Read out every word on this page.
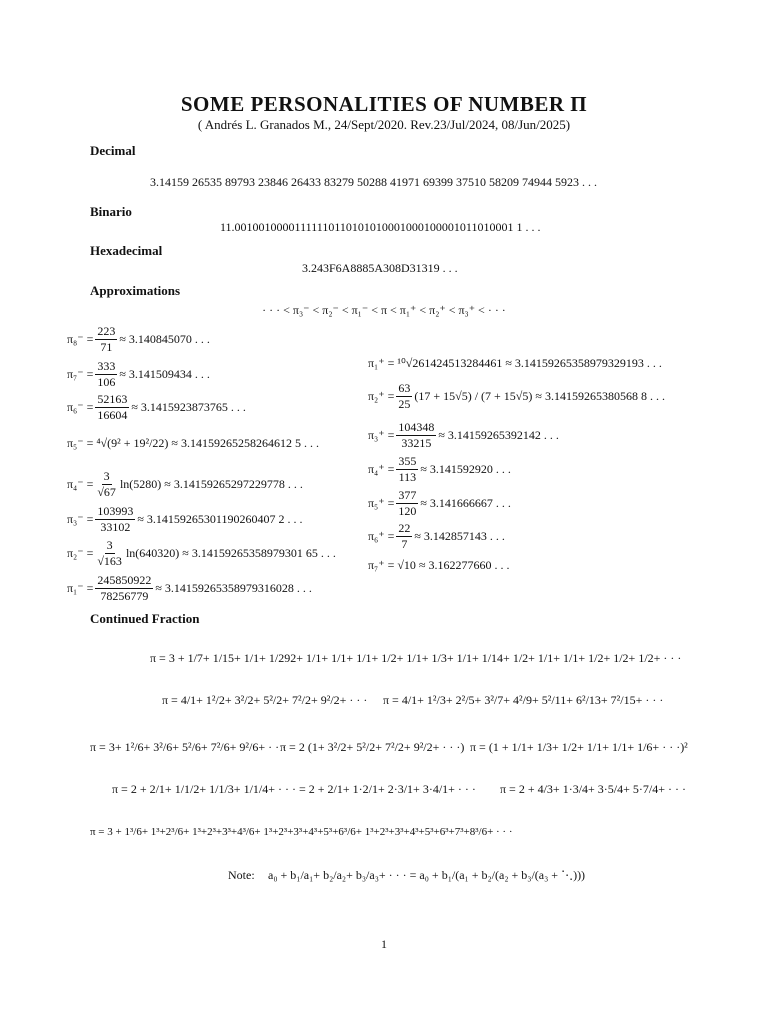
SOME PERSONALITIES OF NUMBER Π
( Andrés L. Granados M., 24/Sept/2020. Rev.23/Jul/2024, 08/Jun/2025)
Decimal
3.14159 26535 89793 23846 26433 83279 50288 41971 69399 37510 58209 74944 5923 . . .
Binario
11.00100100001111110110101010001000100001011010001 1 . . .
Hexadecimal
3.243F6A8885A308D31319 . . .
Approximations
· · · < π₃⁻ < π₂⁻ < π₁⁻ < π < π₁⁺ < π₂⁺ < π₃⁺ < · · ·
$\pi_8^- = \frac{223}{71} \approx 3.140845070$ . . .
$\pi_7^- = \frac{333}{106} \approx 3.141509434$ . . .
$\pi_6^- = \frac{52163}{16604} \approx 3.1415923873765$ . . .
π₅⁻ = ⁴√(9² + 19²/22) ≈ 3.14159265258264612 5 . . .
$\pi_4^- = \frac{3}{√67} \ln(5280) \approx 3.14159265297229778$ . . .
$\pi_3^- = \frac{103993}{33102} \approx 3.14159265301190260407$ 2 . . .
$\pi_2^- = \frac{3}{√163} \ln(640320) \approx 3.14159265358979301$ 65 . . .
$\pi_1^- = \frac{245850922}{78256779} \approx 3.14159265358979316028$ . . .
π₁⁺ = ¹⁰√261424513284461 ≈ 3.14159265358979329193 . . .
$\pi_2^+ = \frac{63}{25} (17 + 15√5) / (7 + 15√5) \approx 3.14159265380568$ 8 . . .
$\pi_3^+ = \frac{104348}{33215} \approx 3.14159265392142$ . . .
$\pi_4^+ = \frac{355}{113} \approx 3.141592920$ . . .
$\pi_5^+ = \frac{377}{120} \approx 3.141666667$ . . .
$\pi_6^+ = \frac{22}{7} \approx 3.142857143$ . . .
π₇⁺ = √10 ≈ 3.162277660 . . .
Continued Fraction
π = 3 + 1/7+ 1/15+ 1/1+ 1/292+ 1/1+ 1/1+ 1/1+ 1/2+ 1/1+ 1/3+ 1/1+ 1/14+ 1/2+ 1/1+ 1/1+ 1/2+ 1/2+ 1/2+ · · ·
π = 4/1+ 1²/2+ 3²/2+ 5²/2+ 7²/2+ 9²/2+ · · · π = 4/1+ 1²/3+ 2²/5+ 3²/7+ 4²/9+ 5²/11+ 6²/13+ 7²/15+ · · ·
π = 3+ 1²/6+ 3²/6+ 5²/6+ 7²/6+ 9²/6+ · · ·
π = 2 (1+ 3²/2+ 5²/2+ 7²/2+ 9²/2+ · · ·) π = (1 + 1/1+ 1/3+ 1/2+ 1/1+ 1/1+ 1/6+ · · ·)²
π = 2 + 2/1+ 1/1/2+ 1/1/3+ 1/1/4+ · · · = 2 + 2/1+ 1·2/1+ 2·3/1+ 3·4/1+ · · · π = 2 + 4/3+ 1·3/4+ 3·5/4+ 5·7/4+ · · ·
π = 3 + 1³/6+ 1³+2³/6+ 1³+2³+3³+4³/6+ 1³+2³+3³+4³+5³+6³/6+ 1³+2³+3³+4³+5³+6³+7³+8³/6+ · · ·
Note: a₀ + b₁/a₁+ b₂/a₂+ b₃/a₃+ · · · = a₀ + b₁/(a₁ + b₂/(a₂ + b₃/(a₃ + ⋱)))
1
